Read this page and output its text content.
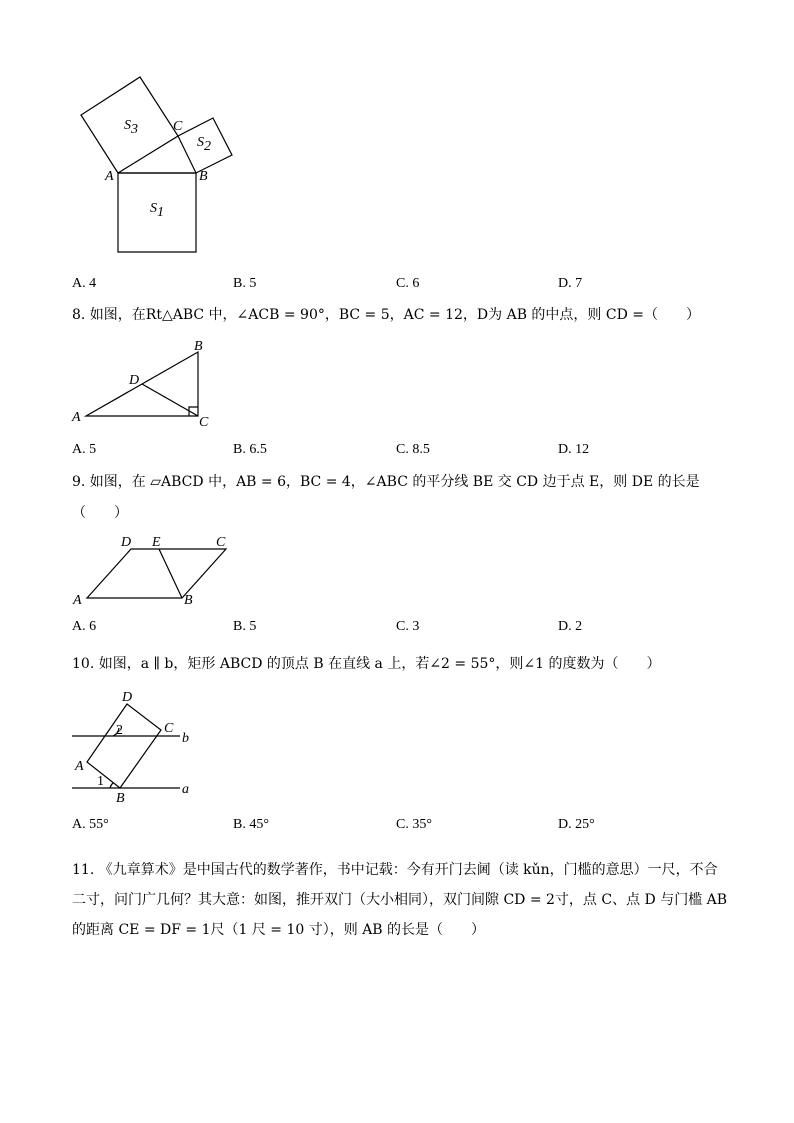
S3
S2
S1
A	B
C
A. 4	B. 5	C. 6	D. 7
8. 如图，在Rt△ABC 中，∠ACB = 90°，BC = 5，AC = 12，D为 AB 的中点，则 CD =（　　）
A
B
C
D
A. 5	B. 6.5	C. 8.5	D. 12
9. 如图，在 ▱ABCD 中，AB = 6，BC = 4，∠ABC 的平分线 BE 交 CD 边于点 E，则 DE 的长是
（　　）
A	B
C
D E
A. 6	B. 5	C. 3	D. 2
10. 如图，a ∥ b，矩形 ABCD 的顶点 B 在直线 a 上，若∠2 = 55°，则∠1 的度数为（　　）
D
C
b
a
A
B
1
2
A. 55°	B. 45°	C. 35°	D. 25°
11. 《九章算术》是中国古代的数学著作，书中记载：今有开门去阃（读 kǔn，门槛的意思）一尺，不合
二寸，问门广几何？其大意：如图，推开双门（大小相同），双门间隙 CD = 2寸，点 C、点 D 与门槛 AB
的距离 CE = DF = 1尺（1 尺 = 10 寸），则 AB 的长是（　　）
